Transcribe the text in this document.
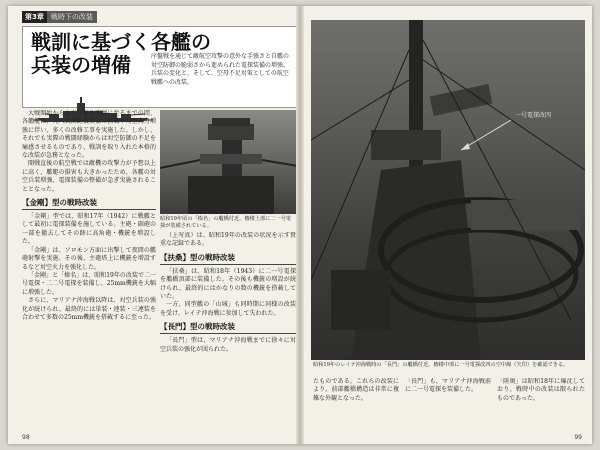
第3章	戦時下の改装
戦訓に基づく各艦の
兵装の増備	序盤戦を通じて敵航空攻撃の意外な手強さと自艦の対空防御の脆弱さから進められた電探装備の増強、兵装の変化と、そして、空母不足対策としての航空戦艦への改装。

大戦開始から太平洋戦争開戦に至るまでの間、各艦艇は、九八式測距儀装備の搭載や対空火力増強に伴い、多くの改修工事を実施した。しかし、それでも実際の戦闘経験からは対空防御の不足を痛感させるものであり、戦訓を取り入れた本格的な改装が急務となった。

開戦直後の航空戦では敵機の攻撃力が予想以上に高く、艦艇の損害も大きかったため、各艦の対空兵装増強、電探装備の整備が急ぎ実施されることとなった。

【金剛】型の戦時改装

「金剛」型では、昭和17年（1942）に戦艦として最初に電探装備を施している。主砲・副砲の一部を撤去してその跡に高角砲・機銃を増設した。

「金剛」は、ソロモン方面に出撃して夜間の艦砲射撃を実施、その後、主砲塔上に機銃を増設するなど対空火力を強化した。

「金剛」と「榛名」は、昭和19年の改装で二一号電探・二二号電探を装備し、25mm機銃を大幅に増強した。

さらに、マリアナ沖海戦以降は、対空兵装の強化が続けられ、最終的には単装・連装・三連装を合わせて多数の25mm機銃を搭載するに至った。

昭和19年頃の「榛名」の艦橋付近。檣楼上部に二一号電探が装備されている。

（上写真）は、昭和19年の改装の状況を示す貴重な記録である。

【扶桑】型の戦時改装

「扶桑」は、昭和18年（1943）に二一号電探を艦橋頂部に装備した。その後も機銃の増設が続けられ、最終的にはかなりの数の機銃を搭載していた。

一方、同型艦の「山城」も同時期に同様の改装を受け、レイテ沖海戦に参加して失われた。

【長門】型の戦時改装

「長門」型は、マリアナ沖海戦までに徐々に対空兵装の強化が図られた。

98
一号電探改四
昭和19年のレイテ沖海戦時の「長門」の艦橋付近。檣楼中部に一号電探改四の空中線（矢印）を確認できる。
たものである。これらの改装により、前部艦橋構造は非常に複雑な外観となった。
「長門」も、マリアナ沖海戦前に二一号電探を装備した。
「陸奥」は昭和18年に爆沈しており、戦時中の改装は限られたものであった。
99
